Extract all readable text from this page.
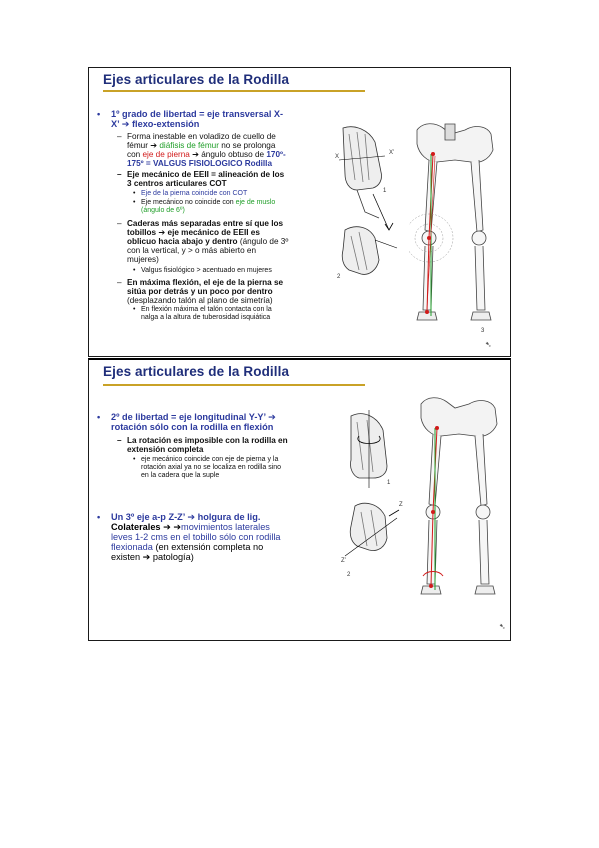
Ejes articulares de la Rodilla
• 1º grado de libertad = eje transversal X-
X’ ➔ flexo-extensión
– Forma inestable en voladizo de cuello de
fémur ➔ diáfisis de fémur no se prolonga
con eje de pierna ➔ ángulo obtuso de 170º-
175º = VALGUS FISIOLOGICO Rodilla
– Eje mecánico de EEII = alineación de los
3 centros articulares COT
• Eje de la pierna coincide con COT
• Eje mecánico no coincide con eje de muslo
(ángulo de 6º)
– Caderas más separadas entre sí que los
tobillos ➔ eje mecánico de EEII es
oblicuo hacia abajo y dentro (ángulo de 3º
con la vertical, y > o más abierto en
mujeres)
• Valgus fisiológico > acentuado en mujeres
– En máxima flexión, el eje de la pierna se
sitúa por detrás y un poco por dentro
(desplazando talón al plano de simetría)
• En flexión máxima el talón contacta con la
nalga a la altura de tuberosidad isquiática
1
2
X
X’
3
➷
Ejes articulares de la Rodilla
• 2º de libertad = eje longitudinal Y-Y’ ➔
rotación sólo con la rodilla en flexión
– La rotación es imposible con la rodilla en
extensión completa
• eje mecánico coincide con eje de pierna y la
rotación axial ya no se localiza en rodilla sino
en la cadera que la suple
• Un 3º eje a-p Z-Z’ ➔ holgura de lig.
Colaterales ➔ ➔movimientos laterales
leves 1-2 cms en el tobillo sólo con rodilla
flexionada (en extensión completa no
existen ➔ patología)
1
2
Z
Z’
➷
